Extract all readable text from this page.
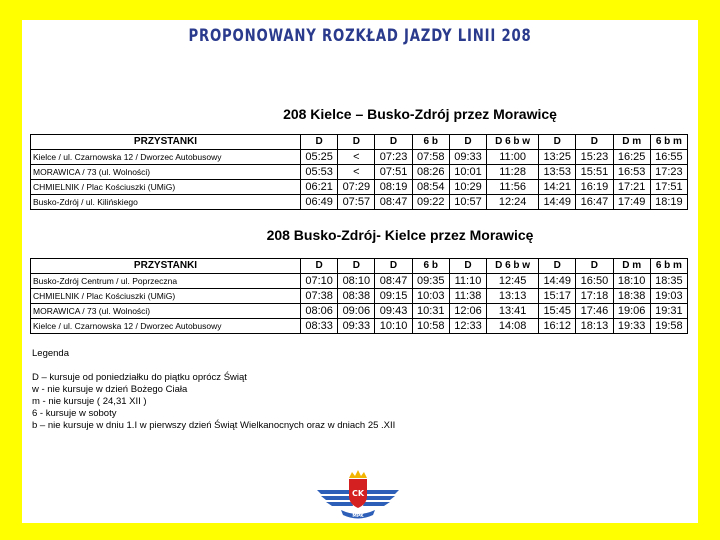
PROPONOWANY ROZKŁAD JAZDY LINII 208
208 Kielce – Busko-Zdrój przez Morawicę
PRZYSTANKI	D	D	D	6 b	D	D 6 b w	D	D	D m	6 b m
Kielce / ul. Czarnowska 12 / Dworzec Autobusowy	05:25	<	07:23	07:58	09:33	11:00	13:25	15:23	16:25	16:55
MORAWICA / 73 (ul. Wolności)	05:53	<	07:51	08:26	10:01	11:28	13:53	15:51	16:53	17:23
CHMIELNIK / Plac Kościuszki (UMiG)	06:21	07:29	08:19	08:54	10:29	11:56	14:21	16:19	17:21	17:51
Busko-Zdrój / ul. Kilińskiego	06:49	07:57	08:47	09:22	10:57	12:24	14:49	16:47	17:49	18:19
208 Busko-Zdrój- Kielce przez Morawicę
PRZYSTANKI	D	D	D	6 b	D	D 6 b w	D	D	D m	6 b m
Busko-Zdrój Centrum / ul. Poprzeczna	07:10	08:10	08:47	09:35	11:10	12:45	14:49	16:50	18:10	18:35
CHMIELNIK / Plac Kościuszki (UMiG)	07:38	08:38	09:15	10:03	11:38	13:13	15:17	17:18	18:38	19:03
MORAWICA / 73 (ul. Wolności)	08:06	09:06	09:43	10:31	12:06	13:41	15:45	17:46	19:06	19:31
Kielce / ul. Czarnowska 12 / Dworzec Autobusowy	08:33	09:33	10:10	10:58	12:33	14:08	16:12	18:13	19:33	19:58
Legenda
D – kursuje od poniedziałku do piątku oprócz Świąt
w - nie kursuje w dzień Bożego Ciała
m - nie kursuje ( 24,31 XII )
6 - kursuje w soboty
b – nie kursuje w dniu 1.I w pierwszy dzień Świąt Wielkanocnych oraz w dniach 25 .XII
CK
MPK
